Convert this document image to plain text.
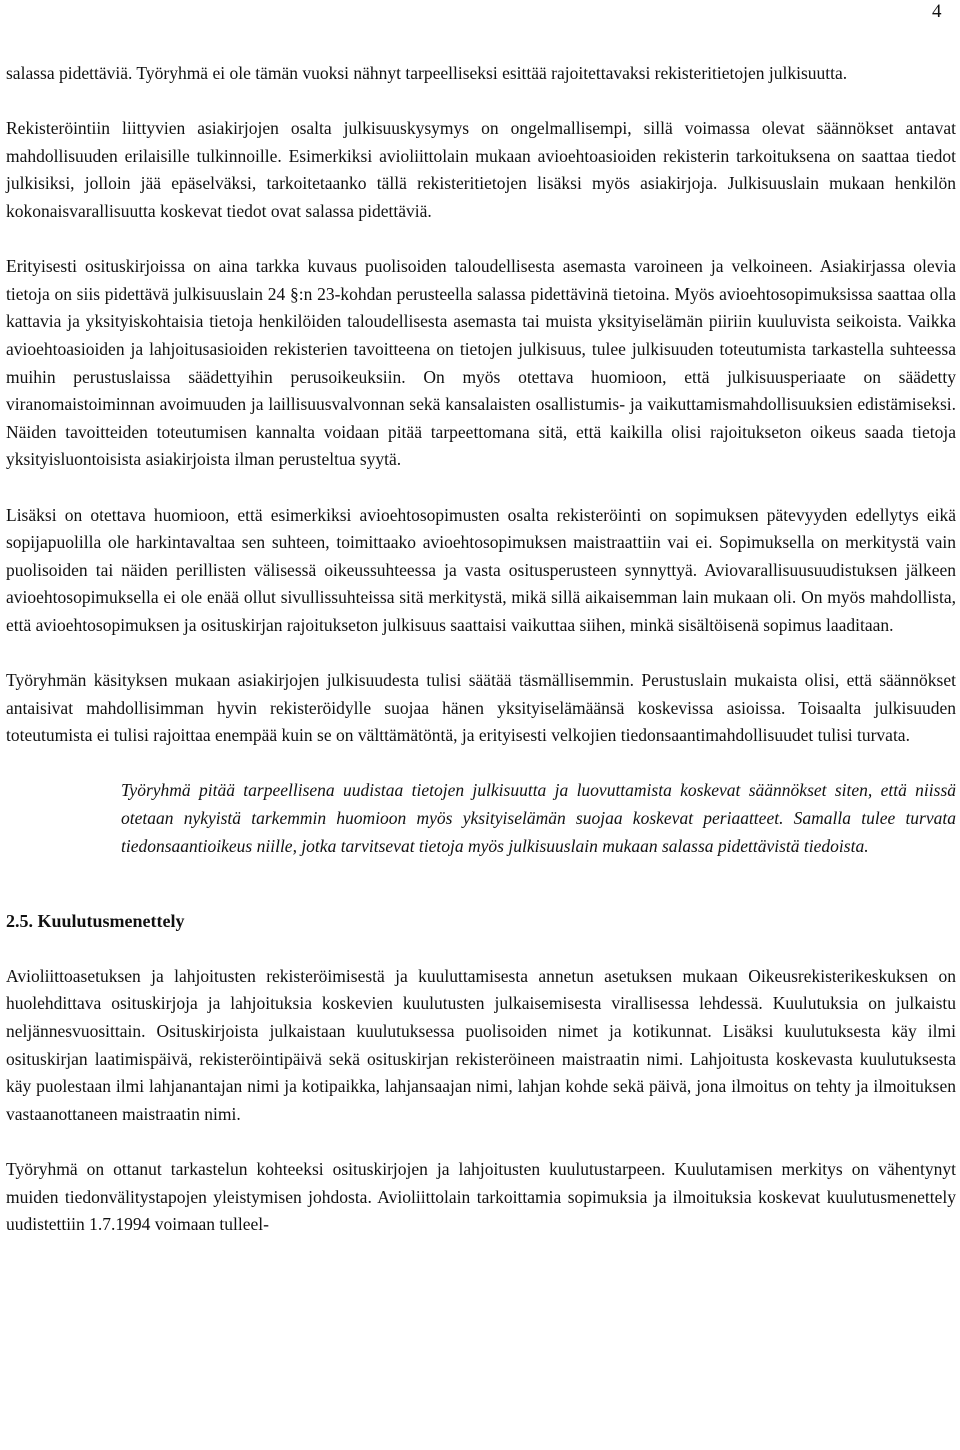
4

salassa pidettäviä. Työryhmä ei ole tämän vuoksi nähnyt tarpeelliseksi esittää rajoitettavaksi rekisteritietojen julkisuutta.

Rekisteröintiin liittyvien asiakirjojen osalta julkisuuskysymys on ongelmallisempi, sillä voimassa olevat säännökset antavat mahdollisuuden erilaisille tulkinnoille. Esimerkiksi avioliittolain mukaan avioehtoasioiden rekisterin tarkoituksena on saattaa tiedot julkisiksi, jolloin jää epäselväksi, tarkoitetaanko tällä rekisteritietojen lisäksi myös asiakirjoja. Julkisuuslain mukaan henkilön kokonaisvarallisuutta koskevat tiedot ovat salassa pidettäviä.

Erityisesti osituskirjoissa on aina tarkka kuvaus puolisoiden taloudellisesta asemasta varoineen ja velkoineen. Asiakirjassa olevia tietoja on siis pidettävä julkisuuslain 24 §:n 23-kohdan perusteella salassa pidettävinä tietoina. Myös avioehtosopimuksissa saattaa olla kattavia ja yksityiskohtaisia tietoja henkilöiden taloudellisesta asemasta tai muista yksityiselämän piiriin kuuluvista seikoista. Vaikka avioehtoasioiden ja lahjoitusasioiden rekisterien tavoitteena on tietojen julkisuus, tulee julkisuuden toteutumista tarkastella suhteessa muihin perustuslaissa säädettyihin perusoikeuksiin. On myös otettava huomioon, että julkisuusperiaate on säädetty viranomaistoiminnan avoimuuden ja laillisuusvalvonnan sekä kansalaisten osallistumis- ja vaikuttamismahdollisuuksien edistämiseksi. Näiden tavoitteiden toteutumisen kannalta voidaan pitää tarpeettomana sitä, että kaikilla olisi rajoitukseton oikeus saada tietoja yksityisluontoisista asiakirjoista ilman perusteltua syytä.

Lisäksi on otettava huomioon, että esimerkiksi avioehtosopimusten osalta rekisteröinti on sopimuksen pätevyyden edellytys eikä sopijapuolilla ole harkintavaltaa sen suhteen, toimittaako avioehtosopimuksen maistraattiin vai ei. Sopimuksella on merkitystä vain puolisoiden tai näiden perillisten välisessä oikeussuhteessa ja vasta ositusperusteen synnyttyä. Aviovarallisuusuudistuksen jälkeen avioehtosopimuksella ei ole enää ollut sivullissuhteissa sitä merkitystä, mikä sillä aikaisemman lain mukaan oli. On myös mahdollista, että avioehtosopimuksen ja osituskirjan rajoitukseton julkisuus saattaisi vaikuttaa siihen, minkä sisältöisenä sopimus laaditaan.

Työryhmän käsityksen mukaan asiakirjojen julkisuudesta tulisi säätää täsmällisemmin. Perustuslain mukaista olisi, että säännökset antaisivat mahdollisimman hyvin rekisteröidylle suojaa hänen yksityiselämäänsä koskevissa asioissa. Toisaalta julkisuuden toteutumista ei tulisi rajoittaa enempää kuin se on välttämätöntä, ja erityisesti velkojien tiedonsaantimahdollisuudet tulisi turvata.

Työryhmä pitää tarpeellisena uudistaa tietojen julkisuutta ja luovuttamista koskevat säännökset siten, että niissä otetaan nykyistä tarkemmin huomioon myös yksityiselämän suojaa koskevat periaatteet. Samalla tulee turvata tiedonsaantioikeus niille, jotka tarvitsevat tietoja myös julkisuuslain mukaan salassa pidettävistä tiedoista.

2.5. Kuulutusmenettely

Avioliittoasetuksen ja lahjoitusten rekisteröimisestä ja kuuluttamisesta annetun asetuksen mukaan Oikeusrekisterikeskuksen on huolehdittava osituskirjoja ja lahjoituksia koskevien kuulutusten julkaisemisesta virallisessa lehdessä. Kuulutuksia on julkaistu neljännesvuosittain. Osituskirjoista julkaistaan kuulutuksessa puolisoiden nimet ja kotikunnat. Lisäksi kuulutuksesta käy ilmi osituskirjan laatimispäivä, rekisteröintipäivä sekä osituskirjan rekisteröineen maistraatin nimi. Lahjoitusta koskevasta kuulutuksesta käy puolestaan ilmi lahjanantajan nimi ja kotipaikka, lahjansaajan nimi, lahjan kohde sekä päivä, jona ilmoitus on tehty ja ilmoituksen vastaanottaneen maistraatin nimi.

Työryhmä on ottanut tarkastelun kohteeksi osituskirjojen ja lahjoitusten kuulutustarpeen. Kuulutamisen merkitys on vähentynyt muiden tiedonvälitystapojen yleistymisen johdosta. Avioliittolain tarkoittamia sopimuksia ja ilmoituksia koskevat kuulutusmenettely uudistettiin 1.7.1994 voimaan tulleel-
